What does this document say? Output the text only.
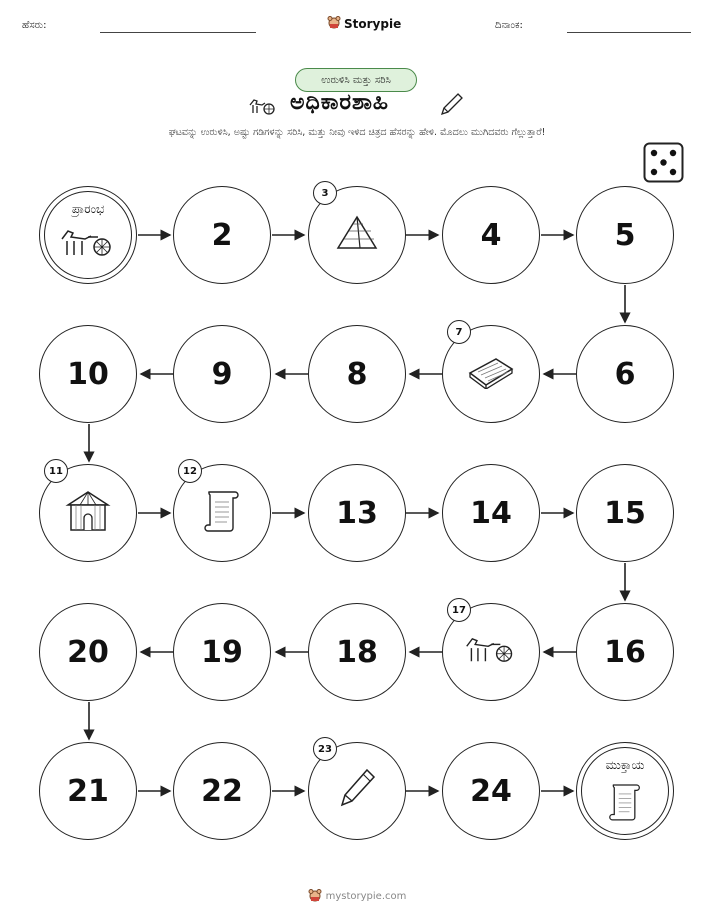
ಹೆಸರು:	Storypie	ದಿನಾಂಕ:
ಉರುಳಿಸಿ ಮತ್ತು ಸರಿಸಿ
ಅಧಿಕಾರಶಾಹಿ
ಘಟವನ್ನು ಉರುಳಿಸಿ, ಅಷ್ಟು ಗಡಿಗಳನ್ನು ಸರಿಸಿ, ಮತ್ತು ನೀವು ಇಳಿದ ಚಿತ್ರದ ಹೆಸರನ್ನು ಹೇಳಿ. ಮೊದಲು ಮುಗಿದವರು ಗೆಲ್ಲುತ್ತಾರೆ!
ಪ್ರಾರಂಭ
2
3
4	5
6
7
8
9
10
11	12
13	14	15
16
17
18
19
20
21	22
23
24
ಮುಕ್ತಾಯ
mystorypie.com
